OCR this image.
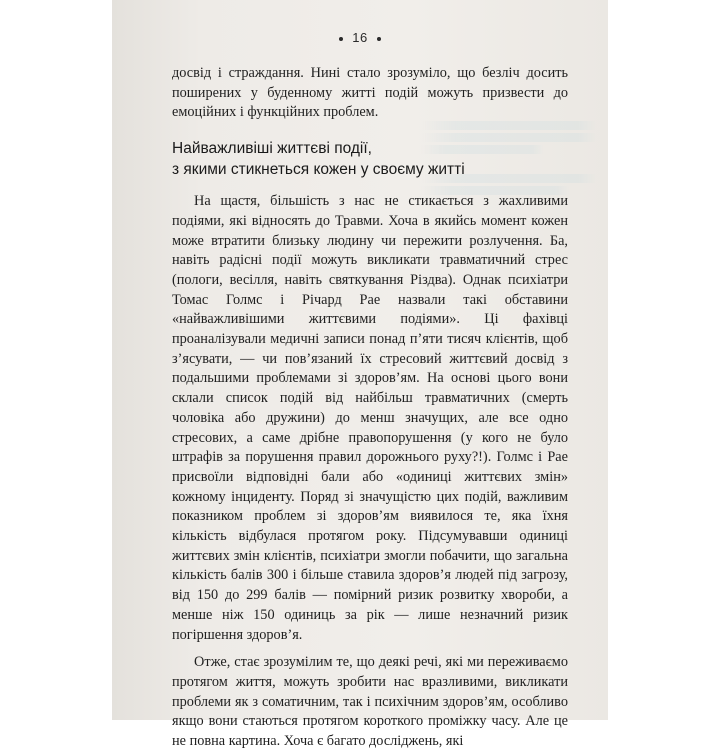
16

досвід і страждання. Нині стало зрозуміло, що безліч досить поширених у буденному житті подій можуть призвести до емоційних і функційних проблем.

Найважливіші життєві події,
з якими стикнеться кожен у своєму житті

На щастя, більшість з нас не стикається з жахливими подіями, які відносять до Травми. Хоча в якийсь момент кожен може втратити близьку людину чи пережити розлучення. Ба, навіть радісні події можуть викликати травматичний стрес (пологи, весілля, навіть святкування Різдва). Однак психіатри Томас Голмс і Річард Рае назвали такі обставини «найважливішими життєвими подіями». Ці фахівці проаналізували медичні записи понад п’яти тисяч клієнтів, щоб з’ясувати, — чи пов’язаний їх стресовий життєвий досвід з подальшими проблемами зі здоров’ям. На основі цього вони склали список подій від найбільш травматичних (смерть чоловіка або дружини) до менш значущих, але все одно стресових, а саме дрібне правопорушення (у кого не було штрафів за порушення правил дорожнього руху?!). Голмс і Рае присвоїли відповідні бали або «одиниці життєвих змін» кожному інциденту. Поряд зі значущістю цих подій, важливим показником проблем зі здоров’ям виявилося те, яка їхня кількість відбулася протягом року. Підсумувавши одиниці життєвих змін клієнтів, психіатри змогли побачити, що загальна кількість балів 300 і більше ставила здоров’я людей під загрозу, від 150 до 299 балів — помірний ризик розвитку хвороби, а менше ніж 150 одиниць за рік — лише незначний ризик погіршення здоров’я.

Отже, стає зрозумілим те, що деякі речі, які ми переживаємо протягом життя, можуть зробити нас вразливими, викликати проблеми як з соматичним, так і психічним здоров’ям, особливо якщо вони стаються протягом короткого проміжку часу. Але це не повна картина. Хоча є багато досліджень, які
